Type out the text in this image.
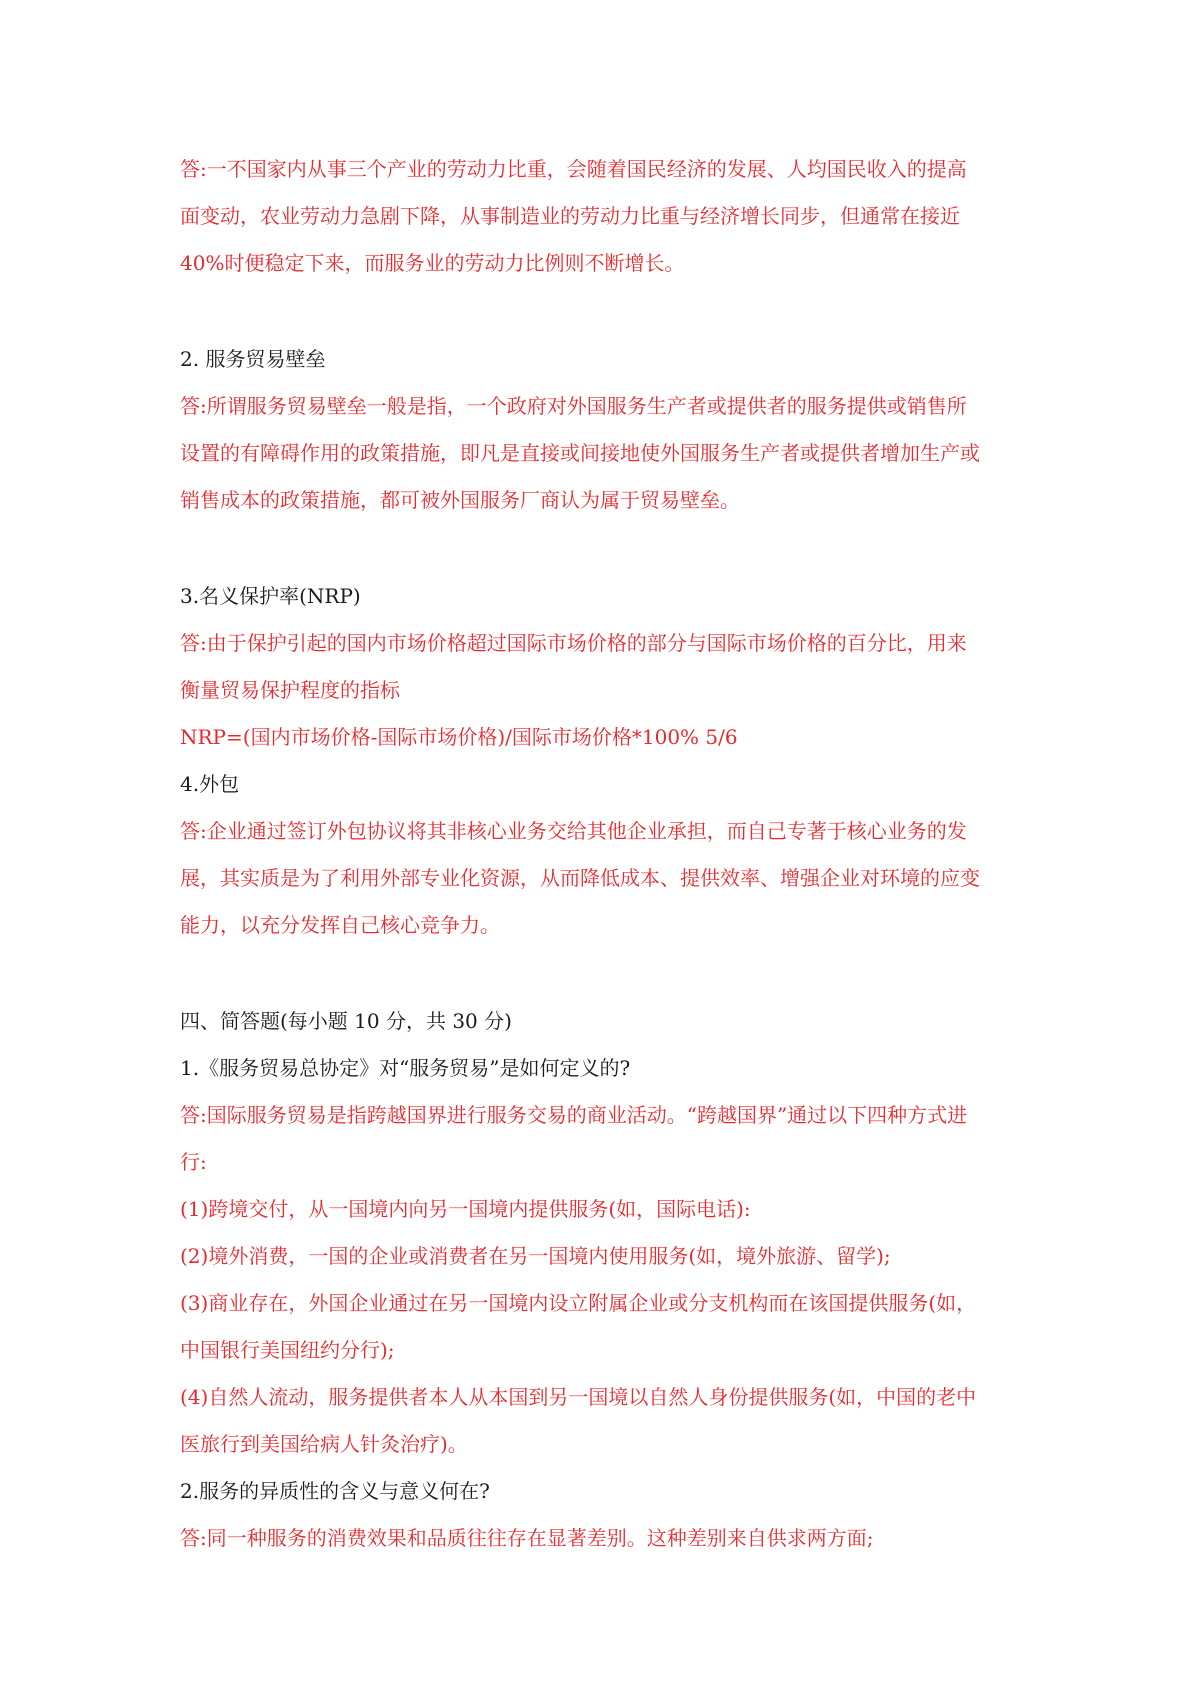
答:一不国家内从事三个产业的劳动力比重，会随着国民经济的发展、人均国民收入的提高
面变动，农业劳动力急剧下降，从事制造业的劳动力比重与经济增长同步，但通常在接近
40%时便稳定下来，而服务业的劳动力比例则不断增长。
2. 服务贸易壁垒
答:所谓服务贸易壁垒一般是指，一个政府对外国服务生产者或提供者的服务提供或销售所
设置的有障碍作用的政策措施，即凡是直接或间接地使外国服务生产者或提供者增加生产或
销售成本的政策措施，都可被外国服务厂商认为属于贸易壁垒。
3.名义保护率(NRP)
答:由于保护引起的国内市场价格超过国际市场价格的部分与国际市场价格的百分比，用来
衡量贸易保护程度的指标
NRP=(国内市场价格-国际市场价格)/国际市场价格*100% 5/6
4.外包
答:企业通过签订外包协议将其非核心业务交给其他企业承担，而自己专著于核心业务的发
展，其实质是为了利用外部专业化资源，从而降低成本、提供效率、增强企业对环境的应变
能力，以充分发挥自己核心竞争力。
四、简答题(每小题 10 分，共 30 分)
1.《服务贸易总协定》对“服务贸易”是如何定义的?
答:国际服务贸易是指跨越国界进行服务交易的商业活动。“跨越国界”通过以下四种方式进
行:
(1)跨境交付，从一国境内向另一国境内提供服务(如，国际电话):
(2)境外消费，一国的企业或消费者在另一国境内使用服务(如，境外旅游、留学);
(3)商业存在，外国企业通过在另一国境内设立附属企业或分支机构而在该国提供服务(如，
中国银行美国纽约分行);
(4)自然人流动，服务提供者本人从本国到另一国境以自然人身份提供服务(如，中国的老中
医旅行到美国给病人针灸治疗)。
2.服务的异质性的含义与意义何在?
答:同一种服务的消费效果和品质往往存在显著差别。这种差别来自供求两方面;
